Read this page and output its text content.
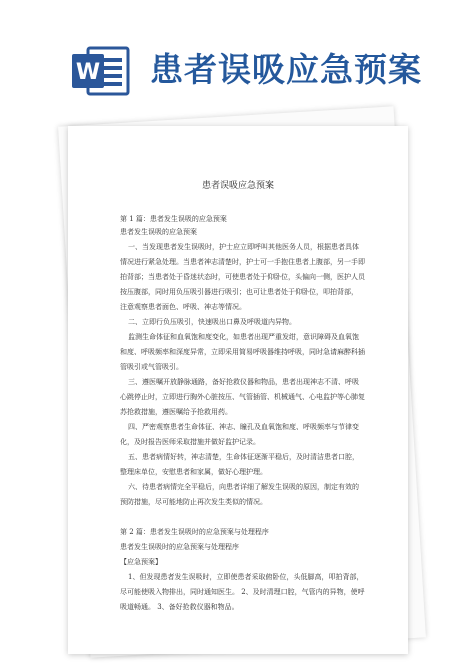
W 患者误吸应急预案
患者误吸应急预案
第 1 篇：患者发生误吸的应急预案
患者发生误吸的应急预案
一、当发现患者发生误吸时，护士应立即呼叫其他医务人员，根据患者具体
情况进行紧急处理。当患者神志清楚时，护士可一手抱住患者上腹部，另一手即
拍背部；当患者处于昏迷状态时，可使患者处于仰卧位，头偏向一侧，医护人员
按压腹部，同时用负压吸引器进行吸引；也可让患者处于仰卧位，叩拍背部，
注意观察患者面色、呼吸、神志等情况。
二、立即行负压吸引，快速吸出口鼻及呼吸道内异物。
监测生命体征和血氧饱和度变化，如患者出现严重发绀，意识障碍及血氧饱
和度、呼吸频率和深度异常，立即采用简易呼吸器维持呼吸，同时急请麻醉科插
管吸引或气管吸引。
三、遵医嘱开放静脉通路，备好抢救仪器和物品，患者出现神志不清、呼吸
心跳停止时，立即进行胸外心脏按压、气管插管、机械通气、心电监护等心肺复
苏抢救措施，遵医嘱给予抢救用药。
四、严密观察患者生命体征、神志、瞳孔及血氧饱和度、呼吸频率与节律变
化，及时报告医师采取措施并做好监护记录。
五、患者病情好转，神志清楚，生命体征逐渐平稳后，及时清洁患者口腔，
整理床单位，安慰患者和家属，做好心理护理。
六、待患者病情完全平稳后，向患者详细了解发生误吸的原因，制定有效的
预防措施，尽可能地防止再次发生类似的情况。
第 2 篇：患者发生误吸时的应急预案与处理程序
患者发生误吸时的应急预案与处理程序
【应急预案】
1、但发现患者发生误吸时，立即使患者采取俯卧位，头低脚高，叩拍背部，
尽可能使吸入物排出，同时通知医生。 2、及时清理口腔，气管内的异物，使呼
吸道畅通。 3、备好抢救仪器和物品。
